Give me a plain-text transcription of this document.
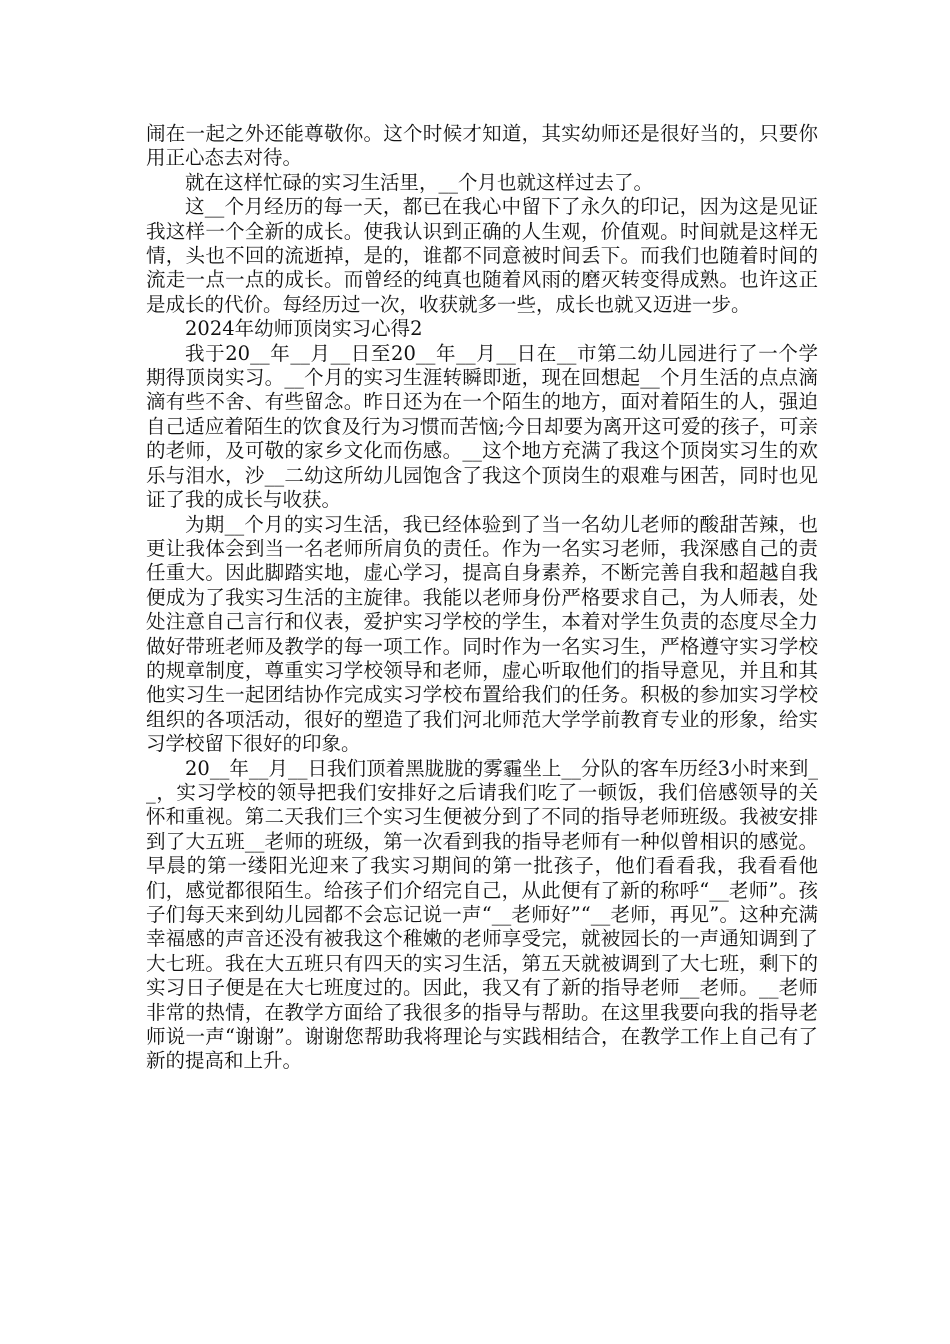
闹在一起之外还能尊敬你。这个时候才知道，其实幼师还是很好当的，只要你用正心态去对待。

就在这样忙碌的实习生活里，__个月也就这样过去了。

这__个月经历的每一天，都已在我心中留下了永久的印记，因为这是见证我这样一个全新的成长。使我认识到正确的人生观，价值观。时间就是这样无情，头也不回的流逝掉，是的，谁都不同意被时间丢下。而我们也随着时间的流走一点一点的成长。而曾经的纯真也随着风雨的磨灭转变得成熟。也许这正是成长的代价。每经历过一次，收获就多一些，成长也就又迈进一步。

2024年幼师顶岗实习心得2

我于20__年__月__日至20__年__月__日在__市第二幼儿园进行了一个学期得顶岗实习。__个月的实习生涯转瞬即逝，现在回想起__个月生活的点点滴滴有些不舍、有些留念。昨日还为在一个陌生的地方，面对着陌生的人，强迫自己适应着陌生的饮食及行为习惯而苦恼;今日却要为离开这可爱的孩子，可亲的老师，及可敬的家乡文化而伤感。__这个地方充满了我这个顶岗实习生的欢乐与泪水，沙__二幼这所幼儿园饱含了我这个顶岗生的艰难与困苦，同时也见证了我的成长与收获。

为期__个月的实习生活，我已经体验到了当一名幼儿老师的酸甜苦辣，也更让我体会到当一名老师所肩负的责任。作为一名实习老师，我深感自己的责任重大。因此脚踏实地，虚心学习，提高自身素养，不断完善自我和超越自我便成为了我实习生活的主旋律。我能以老师身份严格要求自己，为人师表，处处注意自己言行和仪表，爱护实习学校的学生，本着对学生负责的态度尽全力做好带班老师及教学的每一项工作。同时作为一名实习生，严格遵守实习学校的规章制度，尊重实习学校领导和老师，虚心听取他们的指导意见，并且和其他实习生一起团结协作完成实习学校布置给我们的任务。积极的参加实习学校组织的各项活动，很好的塑造了我们河北师范大学学前教育专业的形象，给实习学校留下很好的印象。

20__年__月__日我们顶着黑胧胧的雾霾坐上__分队的客车历经3小时来到__，实习学校的领导把我们安排好之后请我们吃了一顿饭，我们倍感领导的关怀和重视。第二天我们三个实习生便被分到了不同的指导老师班级。我被安排到了大五班__老师的班级，第一次看到我的指导老师有一种似曾相识的感觉。早晨的第一缕阳光迎来了我实习期间的第一批孩子，他们看看我，我看看他们，感觉都很陌生。给孩子们介绍完自己，从此便有了新的称呼“__老师”。孩子们每天来到幼儿园都不会忘记说一声“__老师好”“__老师，再见”。这种充满幸福感的声音还没有被我这个稚嫩的老师享受完，就被园长的一声通知调到了大七班。我在大五班只有四天的实习生活，第五天就被调到了大七班，剩下的实习日子便是在大七班度过的。因此，我又有了新的指导老师__老师。__老师非常的热情，在教学方面给了我很多的指导与帮助。在这里我要向我的指导老师说一声“谢谢”。谢谢您帮助我将理论与实践相结合，在教学工作上自己有了新的提高和上升。
